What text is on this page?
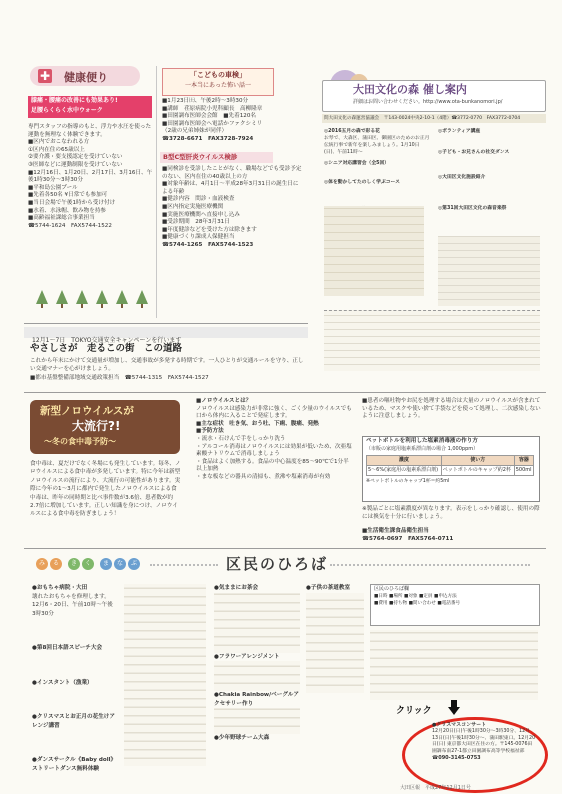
✚ 健康便り
膝痛・腰痛の改善にも効果あり!
足腰らくらく水中ウォーク
専門スタッフの指導のもと、浮力や水圧を使った運動を無理なく体験できます。
■区内でおこなわれる方
①区内在住の65歳以上
②要介護・要支援認定を受けていない
③医師などに運動制限を受けていない
■12月16日、1月20日、2月17日、3月16日、午後1時30分～3時30分
■平和島公園プール
■先着各50名 ¥日常でも参加可
■当日会場で午後1時から受け付け
■水着、水泳帽、飲み物を持参
■高齢福祉課総合事業担当
☎5744-1624　FAX5744-1522
「こどもの車検」
一本当にあった怖い話一
■1月23日㈯、午後2時～3時30分
■講師　荏原病院小児科顧長　高柳隆章
■田園調布医師会会館　■先着120名
■田園調布医師会へ電話かファクシミリ
（2歳の兄弟姉妹が同伴）
☎3728-6671　FAX3728-7924
B型C型肝炎ウイルス検診
■同検診を受診したことがなく、職場などでも受診予定のない、区内在住の40歳以上の方
■対象年齢は、4月1日～平成28年3月31日の誕生日による年齢
■健診内容　問診・血液検査
■区内指定実施医療機関
■実施医療機関へ直接申し込み
■受診期間　28年3月31日
■年度健診などを受けた方は除きます
■健康づくり課成人保健担当
☎5744-1265　FAX5744-1523
12月1～7日　TOKYO交通安全キャンペーンを行います
やさしさが　走るこの街　この道路
これから年末にかけて交通量が増加し、交通事故が多発する時期です。一人ひとりが交通ルールを守り、正しい交通マナーを心がけましょう。
■都市基盤整備部地域交通政策担当　☎5744-1315　FAX5744-1527
大田文化の森 催し案内
詳細はお問い合わせください。http://www.ota-bunkanomori.jp/
問大田文化の森運営協議会　〒143-0024中央2-10-1（4階）☎3772-0770　FAX3772-0704
◎2016五月の森で彩る花
お琴で、大森区、蒲田区、御園区のためのお正月
伝統行事で新年を楽しみましょう。1月10日(日)、午前11時～
◎シニア対応講習会（全5回）
◎体を動かしてたのしく学ぶコース
◎ボランティア講座
◎子ども・お兄さんの社交ダンス
◎大田区文化施設紹介
◎第31回大田区文化の森音楽祭
新型ノロウイルスが
大流行?!
～冬の食中毒予防～
食中毒は、夏だけでなく冬場にも発生しています。毎冬、ノロウイルスによる食中毒が多発しています。特に今年は新型ノロウイルスの流行により、大流行の可能性があります。実際に今年の1～3月に都内で発生したノロウイルスによる食中毒は、昨年の同時期と比べ事件数が3.6倍、患者数が約2.7倍に増加しています。正しい知識を身につけ、ノロウイルスによる食中毒を防ぎましょう！
■ノロウイルスとは？
ノロウイルスは感染力が非常に強く、ごく少量のウイルスでも口から体内に入ることで発症します。
■主な症状　吐き気、おう吐、下痢、腹痛、発熱
■予防方法
・流水・石けんで手をしっかり洗う
・アルコール消毒はノロウイルスには効果が低いため、次亜塩素酸ナトリウムで消毒しましょう
・食品はよく加熱する。食品の中心温度を85～90℃で1分半以上加熱
・まな板などの器具の清掃も、煮沸や塩素消毒が有効
■患者の嘔吐物やお尻を処理する場合は大量のノロウイルスが含まれているため、マスクや使い捨て手袋などを使って処理し、二次感染しないように注意しましょう。
ペットボトルを利用した塩素消毒液の作り方
（市販の家庭用塩素系漂白剤の場合 1,000ppm）
濃度	使い方	容器
5～6%(家庭用の塩素系漂白剤)	ペットボトルのキャップ約2杯	500ml
※ペットボトルのキャップ1杯＝約5ml
※製品ごとに塩素濃度が異なります。表示をしっかり確認し、使用の際には換気を十分に行いましょう。
■生活衛生課食品衛生担当
☎5764-0697　FAX5764-0711
み	る	き	く	ま	な	ぶ	区民のひろば
●おもちゃ病院・大田
壊れたおもちゃを修理します。12月6・20日、午前10時～午後3時30分
●第8回日本語スピーチ大会
●インスタント（漁業）
●クリスマスとお正月の花生けアレンジ講習
●ダンスサークル《Baby doll》ストリートダンス無料体験
●気ままにお茶会
●フラワーアレンジメント
●Chakia Rainbow/ベーグルアクセサリー作り
●少年野球チーム大森
●子供の茶道教室	区民のひろば欄
■日時 ■場所 ■対象 ■定員 ■申込方法
■費用 ■持ち物 ■問い合わせ ■電話番号
クリック
●クリスマスコンサート
12月20日(日)午後1時30分～3時30分、12月13日(日)午後1時30分～、蒲田駅東口。12月20日(日) 東京都大田区在住の方。〒145-0076田園調布南27-1都立田園調布高等学校福祉部
☎090-3145-0753
大田区報　平成27年12月1日号
